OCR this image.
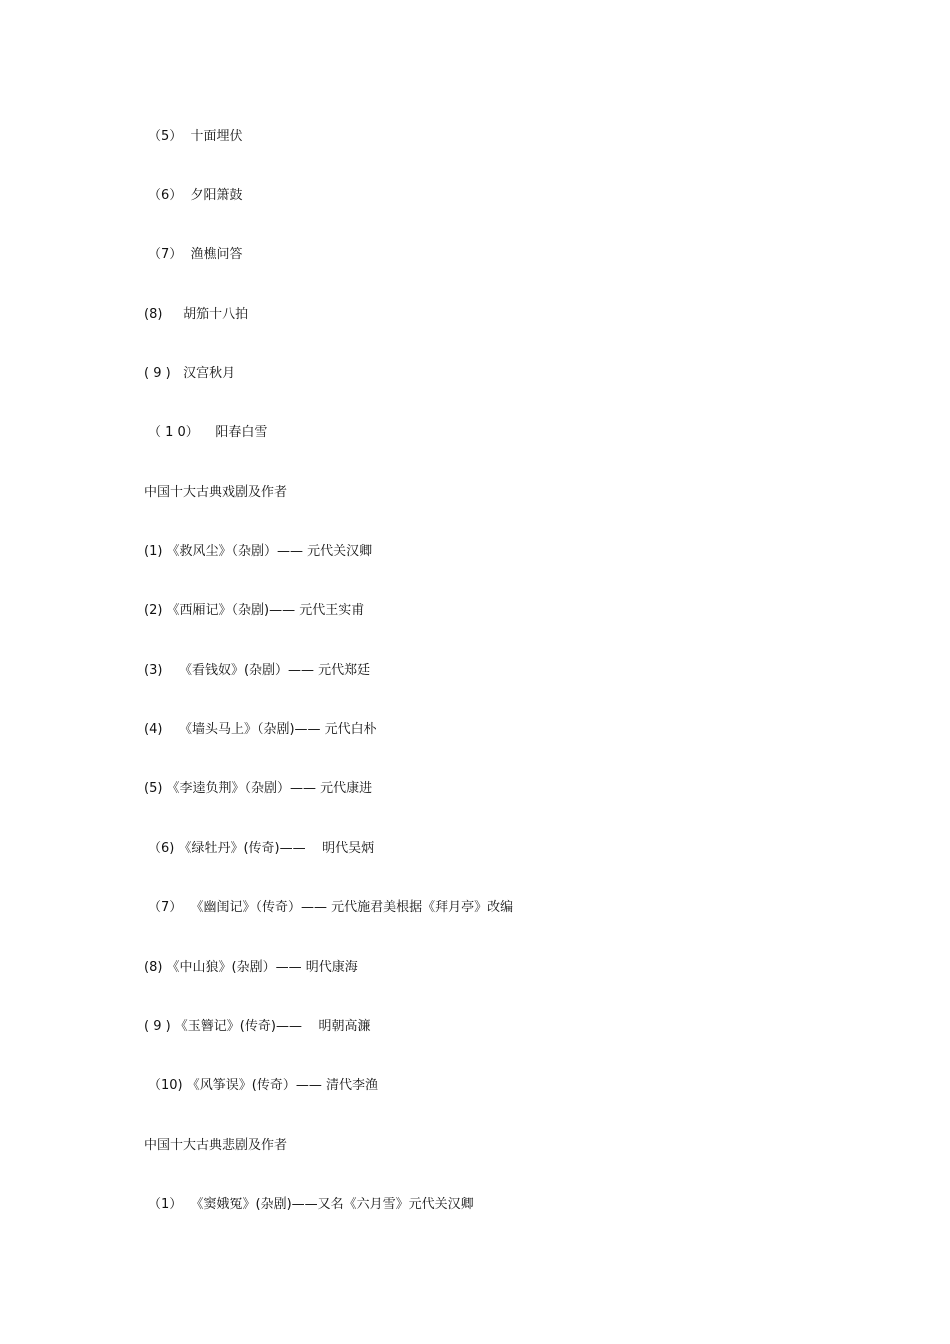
（5）  十面埋伏
（6）  夕阳箫鼓
（7）  渔樵问答
(8)     胡笳十八拍
( 9 )   汉宫秋月
（ 1 0）    阳春白雪
中国十大古典戏剧及作者
(1) 《救风尘》（杂剧）—— 元代关汉卿
(2) 《西厢记》（杂剧)—— 元代王实甫
(3)    《看钱奴》(杂剧）—— 元代郑廷
(4)    《墙头马上》（杂剧)—— 元代白朴
(5) 《李逵负荆》（杂剧）—— 元代康进
（6) 《绿牡丹》(传奇)——    明代吴炳
（7）  《幽闺记》（传奇）—— 元代施君美根据《拜月亭》改编
(8) 《中山狼》(杂剧）—— 明代康海
( 9 ) 《玉簪记》(传奇)——    明朝高濂
（10) 《风筝误》(传奇）—— 清代李渔
中国十大古典悲剧及作者
（1）  《窦娥冤》(杂剧)——又名《六月雪》元代关汉卿
